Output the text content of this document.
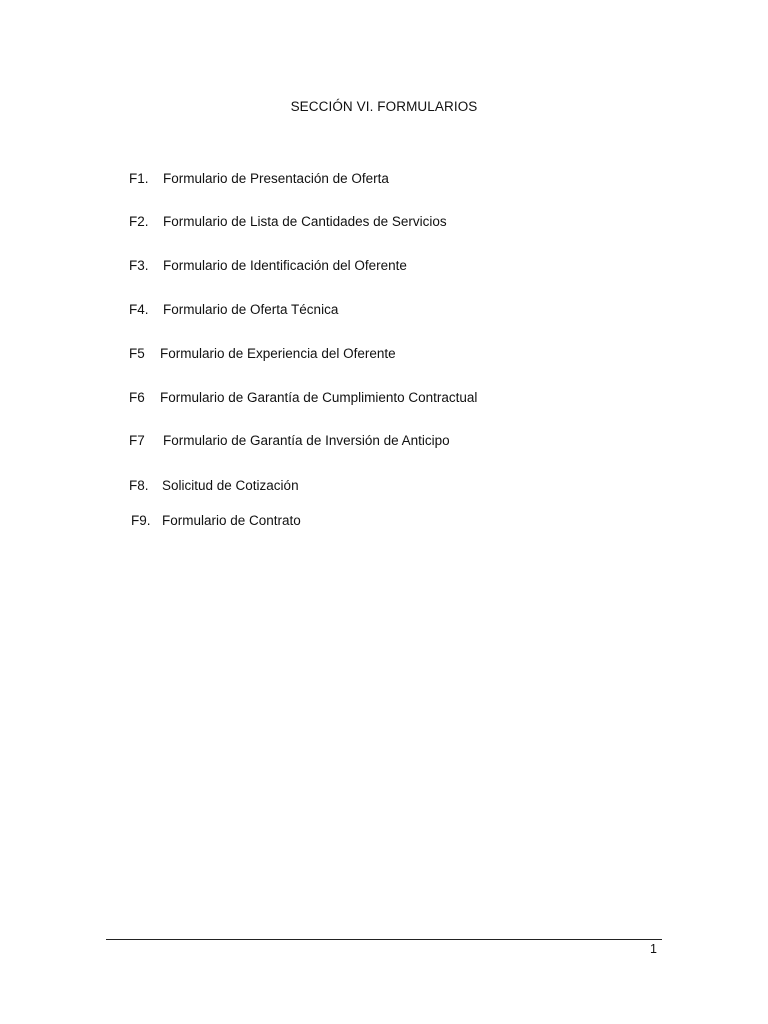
SECCIÓN VI. FORMULARIOS
F1. Formulario de Presentación de Oferta
F2. Formulario de Lista de Cantidades de Servicios
F3. Formulario de Identificación del Oferente
F4. Formulario de Oferta Técnica
F5 Formulario de Experiencia del Oferente
F6 Formulario de Garantía de Cumplimiento Contractual
F7 Formulario de Garantía de Inversión de Anticipo
F8. Solicitud de Cotización
F9. Formulario de Contrato
1
